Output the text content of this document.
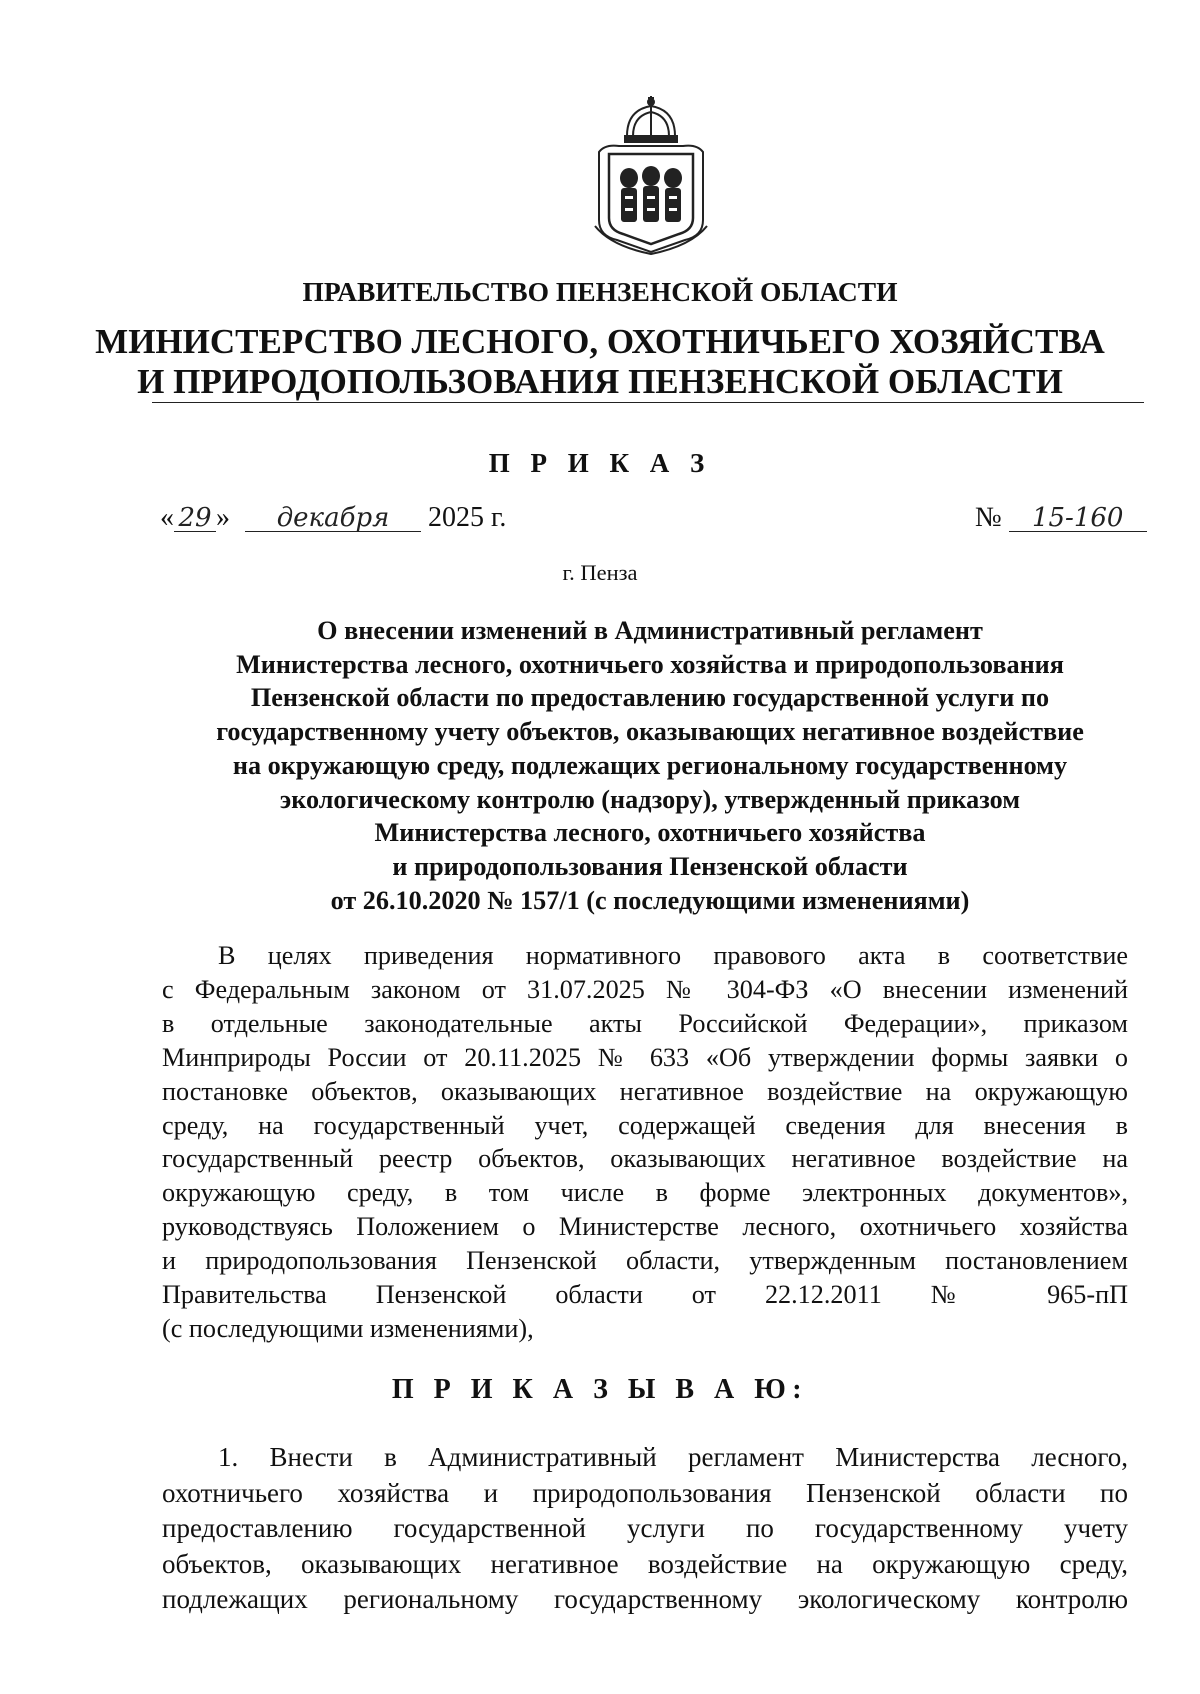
ПРАВИТЕЛЬСТВО ПЕНЗЕНСКОЙ ОБЛАСТИ
МИНИСТЕРСТВО ЛЕСНОГО, ОХОТНИЧЬЕГО ХОЗЯЙСТВА
И ПРИРОДОПОЛЬЗОВАНИЯ ПЕНЗЕНСКОЙ ОБЛАСТИ
П Р И К А З
« 29 » декабря 2025 г.	№ 15-160
г. Пенза
О внесении изменений в Административный регламент
Министерства лесного, охотничьего хозяйства и природопользования
Пензенской области по предоставлению государственной услуги по
государственному учету объектов, оказывающих негативное воздействие
на окружающую среду, подлежащих региональному государственному
экологическому контролю (надзору), утвержденный приказом
Министерства лесного, охотничьего хозяйства
и природопользования Пензенской области
от 26.10.2020 № 157/1 (с последующими изменениями)
В целях приведения нормативного правового акта в соответствие
с Федеральным законом от 31.07.2025 № 304-ФЗ «О внесении изменений
в отдельные законодательные акты Российской Федерации», приказом
Минприроды России от 20.11.2025 № 633 «Об утверждении формы заявки о
постановке объектов, оказывающих негативное воздействие на окружающую
среду, на государственный учет, содержащей сведения для внесения в
государственный реестр объектов, оказывающих негативное воздействие на
окружающую среду, в том числе в форме электронных документов»,
руководствуясь Положением о Министерстве лесного, охотничьего хозяйства
и природопользования Пензенской области, утвержденным постановлением
Правительства Пензенской области от 22.12.2011 № 965-пП
(с последующими изменениями),
П Р И К А З Ы В А Ю:
1. Внести в Административный регламент Министерства лесного,
охотничьего хозяйства и природопользования Пензенской области по
предоставлению государственной услуги по государственному учету
объектов, оказывающих негативное воздействие на окружающую среду,
подлежащих региональному государственному экологическому контролю
